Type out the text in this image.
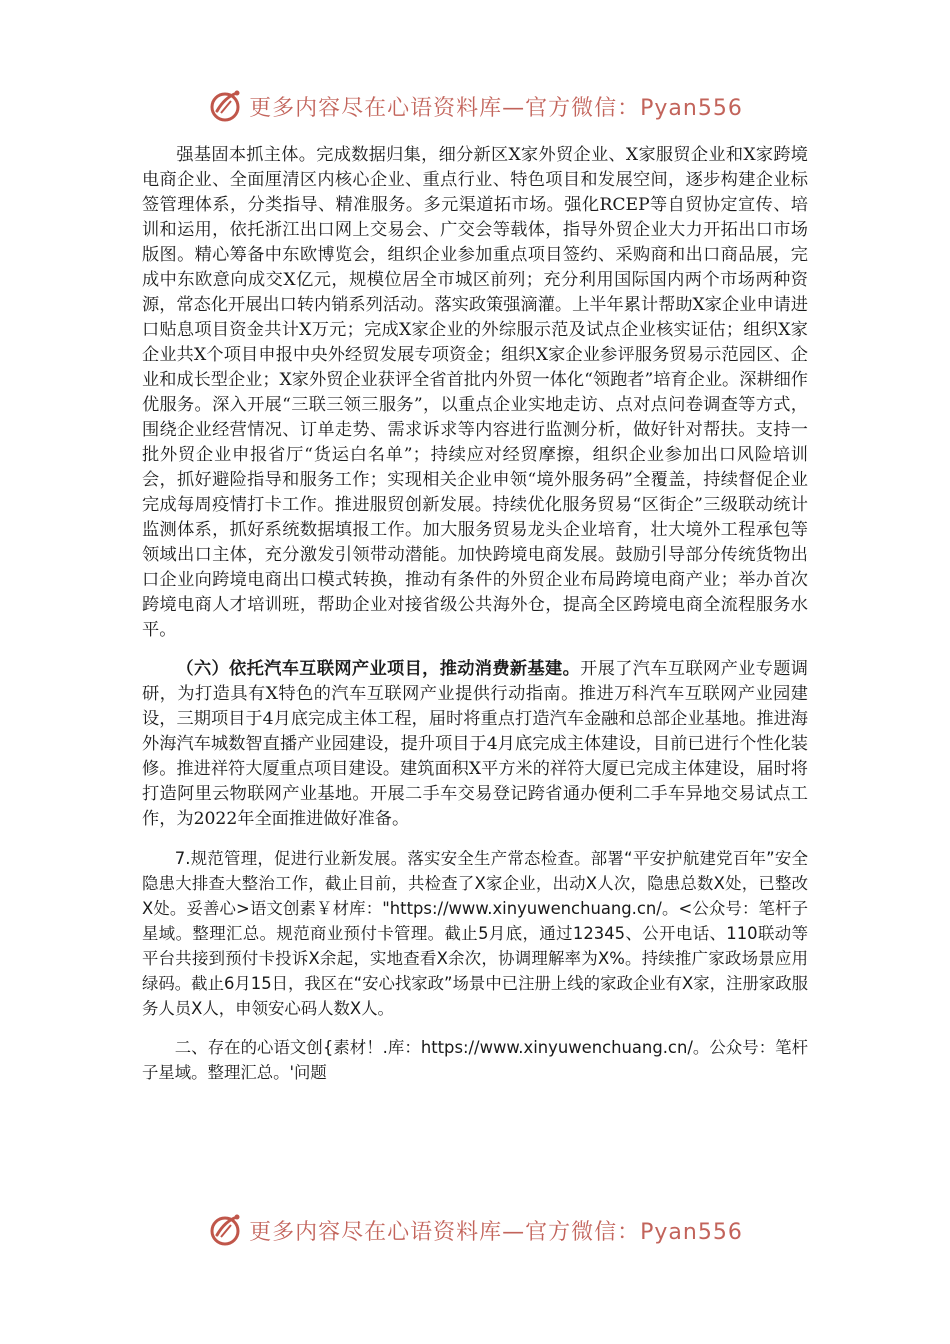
更多内容尽在心语资料库—官方微信：Pyan556

强基固本抓主体。完成数据归集，细分新区X家外贸企业、X家服贸企业和X家跨境电商企业、全面厘清区内核心企业、重点行业、特色项目和发展空间，逐步构建企业标签管理体系，分类指导、精准服务。多元渠道拓市场。强化RCEP等自贸协定宣传、培训和运用，依托浙江出口网上交易会、广交会等载体，指导外贸企业大力开拓出口市场版图。精心筹备中东欧博览会，组织企业参加重点项目签约、采购商和出口商品展，完成中东欧意向成交X亿元，规模位居全市城区前列；充分利用国际国内两个市场两种资源，常态化开展出口转内销系列活动。落实政策强滴灌。上半年累计帮助X家企业申请进口贴息项目资金共计X万元；完成X家企业的外综服示范及试点企业核实证估；组织X家企业共X个项目申报中央外经贸发展专项资金；组织X家企业参评服务贸易示范园区、企业和成长型企业；X家外贸企业获评全省首批内外贸一体化“领跑者”培育企业。深耕细作优服务。深入开展“三联三领三服务”，以重点企业实地走访、点对点问卷调查等方式，围绕企业经营情况、订单走势、需求诉求等内容进行监测分析，做好针对帮扶。支持一批外贸企业申报省厅“货运白名单”；持续应对经贸摩擦，组织企业参加出口风险培训会，抓好避险指导和服务工作；实现相关企业申领“境外服务码”全覆盖，持续督促企业完成每周疫情打卡工作。推进服贸创新发展。持续优化服务贸易“区街企”三级联动统计监测体系，抓好系统数据填报工作。加大服务贸易龙头企业培育，壮大境外工程承包等领域出口主体，充分激发引领带动潜能。加快跨境电商发展。鼓励引导部分传统货物出口企业向跨境电商出口模式转换，推动有条件的外贸企业布局跨境电商产业；举办首次跨境电商人才培训班，帮助企业对接省级公共海外仓，提高全区跨境电商全流程服务水平。

（六）依托汽车互联网产业项目，推动消费新基建。开展了汽车互联网产业专题调研，为打造具有X特色的汽车互联网产业提供行动指南。推进万科汽车互联网产业园建设，三期项目于4月底完成主体工程，届时将重点打造汽车金融和总部企业基地。推进海外海汽车城数智直播产业园建设，提升项目于4月底完成主体建设，目前已进行个性化装修。推进祥符大厦重点项目建设。建筑面积X平方米的祥符大厦已完成主体建设，届时将打造阿里云物联网产业基地。开展二手车交易登记跨省通办便利二手车异地交易试点工作，为2022年全面推进做好准备。

7.规范管理，促进行业新发展。落实安全生产常态检查。部署“平安护航建党百年”安全隐患大排查大整治工作，截止目前，共检查了X家企业，出动X人次，隐患总数X处，已整改X处。妥善心>语文创素￥材库："https://www.xinyuwenchuang.cn/。<公众号：笔杆子星域。整理汇总。规范商业预付卡管理。截止5月底，通过12345、公开电话、110联动等平台共接到预付卡投诉X余起，实地查看X余次，协调理解率为X%。持续推广家政场景应用绿码。截止6月15日，我区在“安心找家政”场景中已注册上线的家政企业有X家，注册家政服务人员X人，申领安心码人数X人。

二、存在的心语文创{素材！.库：https://www.xinyuwenchuang.cn/。公众号：笔杆子星域。整理汇总。'问题

更多内容尽在心语资料库—官方微信：Pyan556
